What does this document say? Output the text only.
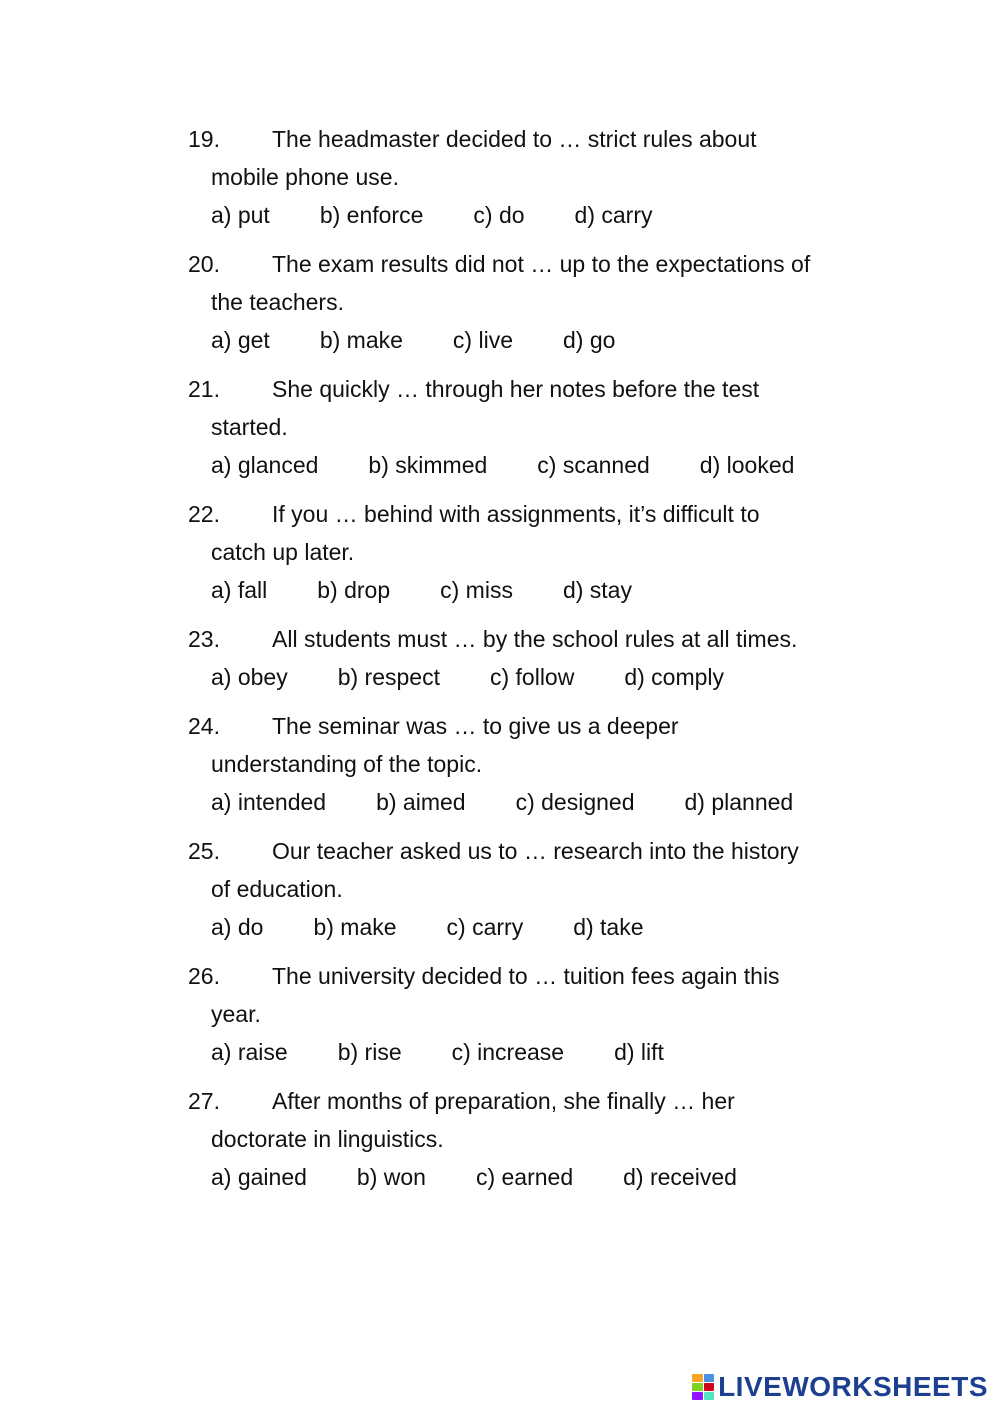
19. The headmaster decided to … strict rules about
mobile phone use.
a) put b) enforce c) do d) carry
20. The exam results did not … up to the expectations of
the teachers.
a) get b) make c) live d) go
21. She quickly … through her notes before the test
started.
a) glanced b) skimmed c) scanned d) looked
22. If you … behind with assignments, it’s difficult to
catch up later.
a) fall b) drop c) miss d) stay
23. All students must … by the school rules at all times.
a) obey b) respect c) follow d) comply
24. The seminar was … to give us a deeper
understanding of the topic.
a) intended b) aimed c) designed d) planned
25. Our teacher asked us to … research into the history
of education.
a) do b) make c) carry d) take
26. The university decided to … tuition fees again this
year.
a) raise b) rise c) increase d) lift
27. After months of preparation, she finally … her
doctorate in linguistics.
a) gained b) won c) earned d) received
LIVEWORKSHEETS
